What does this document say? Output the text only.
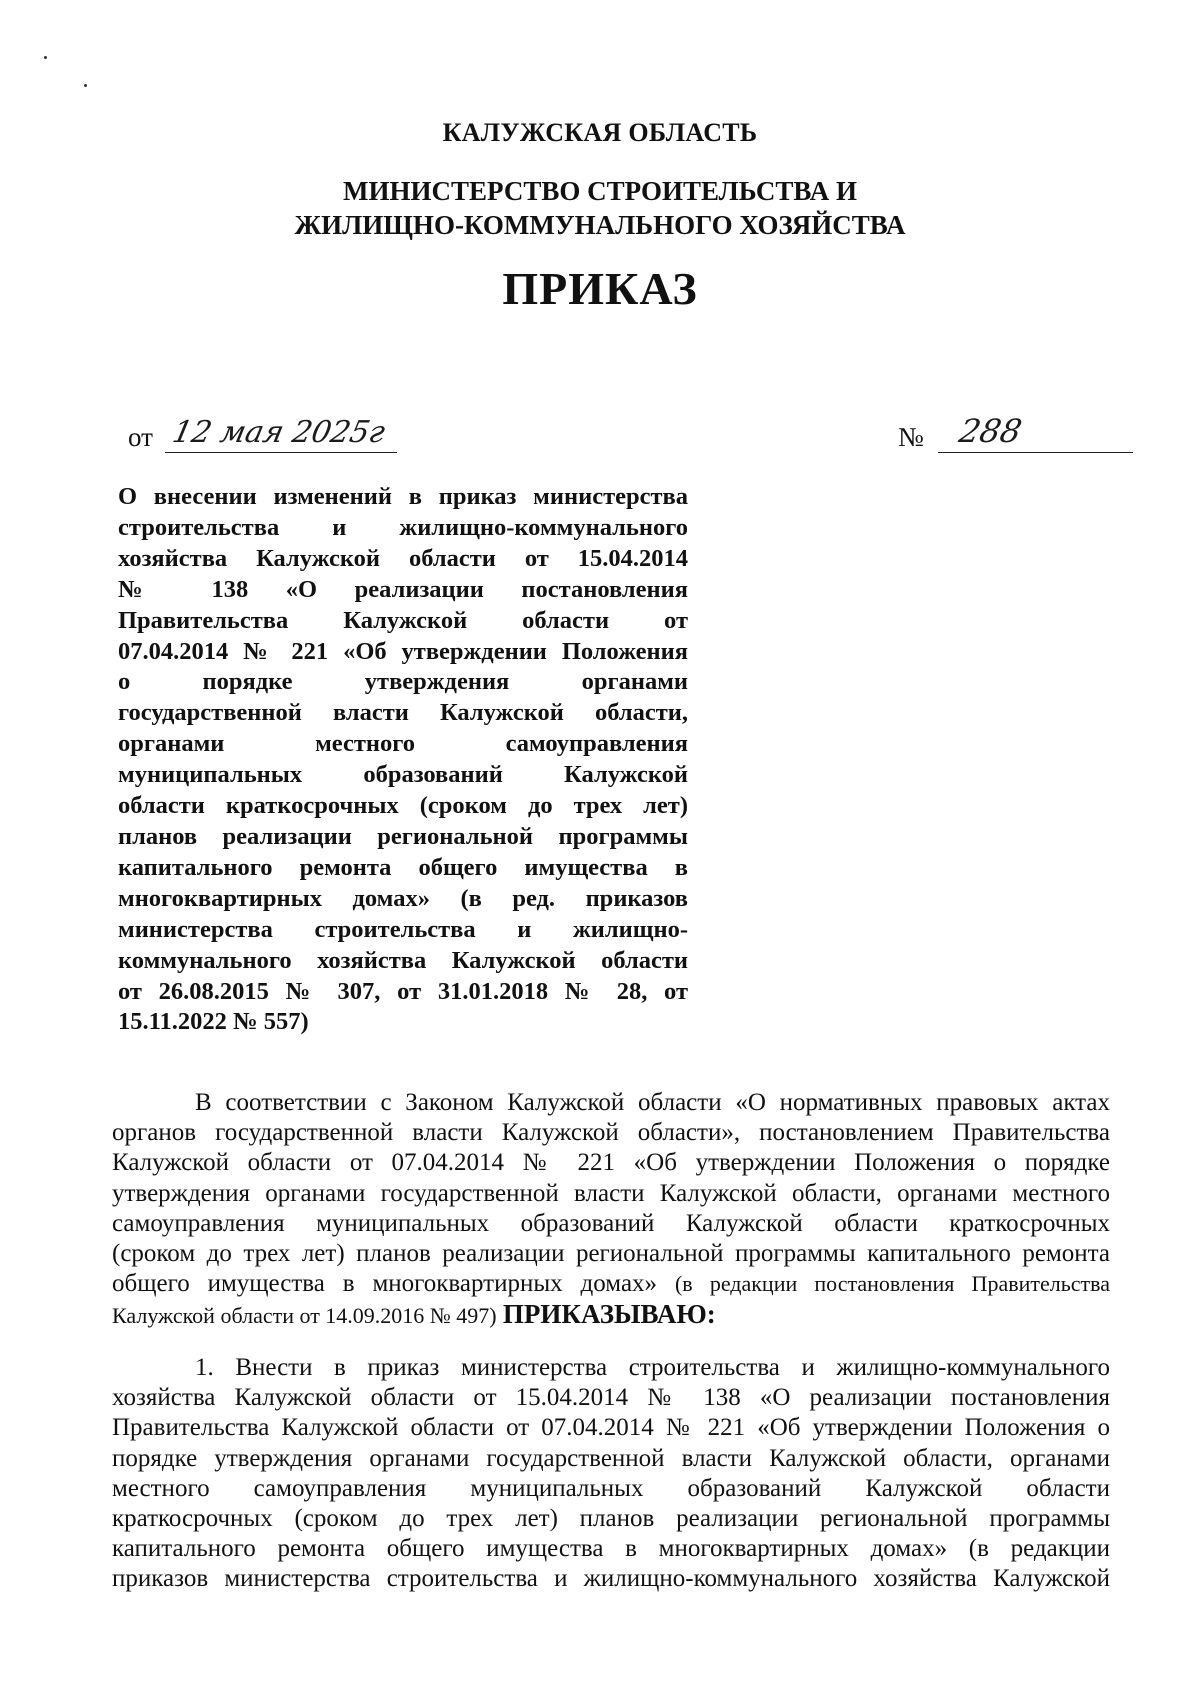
КАЛУЖСКАЯ ОБЛАСТЬ
МИНИСТЕРСТВО СТРОИТЕЛЬСТВА И
ЖИЛИЩНО-КОММУНАЛЬНОГО ХОЗЯЙСТВА
ПРИКАЗ
от 12 мая 2025г	№ 288
О внесении изменений в приказ министерства
строительства и жилищно-коммунального
хозяйства Калужской области от 15.04.2014
№ 138 «О реализации постановления
Правительства Калужской области от
07.04.2014 № 221 «Об утверждении Положения
о порядке утверждения органами
государственной власти Калужской области,
органами местного самоуправления
муниципальных образований Калужской
области краткосрочных (сроком до трех лет)
планов реализации региональной программы
капитального ремонта общего имущества в
многоквартирных домах» (в ред. приказов
министерства строительства и жилищно-
коммунального хозяйства Калужской области
от 26.08.2015 № 307, от 31.01.2018 № 28, от
15.11.2022 № 557)
В соответствии с Законом Калужской области «О нормативных правовых актах
органов государственной власти Калужской области», постановлением Правительства
Калужской области от 07.04.2014 № 221 «Об утверждении Положения о порядке
утверждения органами государственной власти Калужской области, органами местного
самоуправления муниципальных образований Калужской области краткосрочных
(сроком до трех лет) планов реализации региональной программы капитального ремонта
общего имущества в многоквартирных домах» (в редакции постановления Правительства
Калужской области от 14.09.2016 № 497) ПРИКАЗЫВАЮ:
1. Внести в приказ министерства строительства и жилищно-коммунального
хозяйства Калужской области от 15.04.2014 № 138 «О реализации постановления
Правительства Калужской области от 07.04.2014 № 221 «Об утверждении Положения о
порядке утверждения органами государственной власти Калужской области, органами
местного самоуправления муниципальных образований Калужской области
краткосрочных (сроком до трех лет) планов реализации региональной программы
капитального ремонта общего имущества в многоквартирных домах» (в редакции
приказов министерства строительства и жилищно-коммунального хозяйства Калужской
